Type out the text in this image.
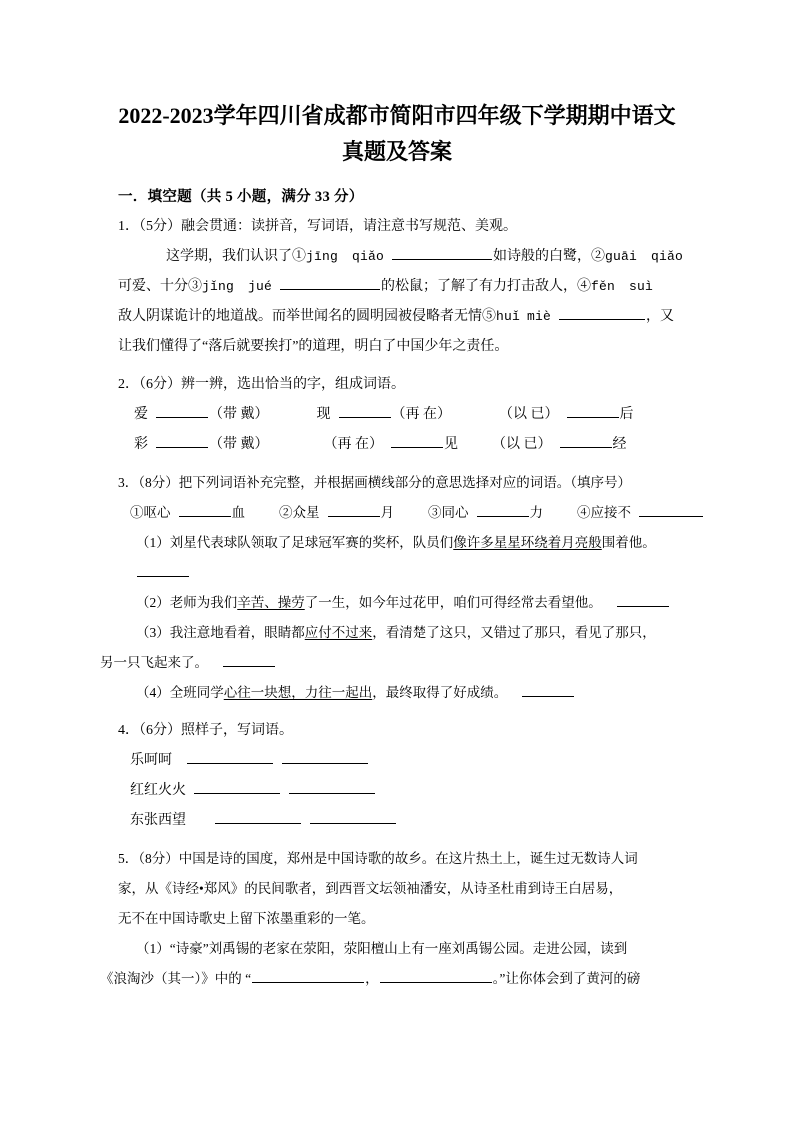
2022-2023学年四川省成都市简阳市四年级下学期期中语文
真题及答案
一．填空题（共 5 小题，满分 33 分）
1．（5分）融会贯通：读拼音，写词语，请注意书写规范、美观。
这学期，我们认识了①jīng qiǎo	如诗般的白鹭，②guāi qiǎo
可爱、十分③jǐng jué	的松鼠；了解了有力打击敌人，④fěn suì
敌人阴谋诡计的地道战。而举世闻名的圆明园被侵略者无情⑤huǐ miè	，又
让我们懂得了“落后就要挨打”的道理，明白了中国少年之责任。
2．（6分）辨一辨，选出恰当的字，组成词语。
爱	（带 戴）	现	（再 在）	（以 已）	后
彩	（带 戴）	（再 在）	见 （以 已）	经
3．（8分）把下列词语补充完整，并根据画横线部分的意思选择对应的词语。（填序号）
①呕心	血	②众星	月	③同心	力	④应接不
（1）刘星代表球队领取了足球冠军赛的奖杯，队员们像许多星星环绕着月亮般围着他。
（2）老师为我们辛苦、操劳了一生，如今年过花甲，咱们可得经常去看望他。
（3）我注意地看着，眼睛都应付不过来，看清楚了这只，又错过了那只，看见了那只，
另一只飞起来了。
（4）全班同学心往一块想，力往一起出，最终取得了好成绩。
4．（6分）照样子，写词语。
乐呵呵
红红火火
东张西望
5．（8分）中国是诗的国度，郑州是中国诗歌的故乡。在这片热土上，诞生过无数诗人词
家，从《诗经•郑风》的民间歌者，到西晋文坛领袖潘安，从诗圣杜甫到诗王白居易，
无不在中国诗歌史上留下浓墨重彩的一笔。
（1）“诗豪”刘禹锡的老家在荥阳，荥阳檀山上有一座刘禹锡公园。走进公园，读到
《浪淘沙（其一）》中的 “	，	。”让你体会到了黄河的磅
